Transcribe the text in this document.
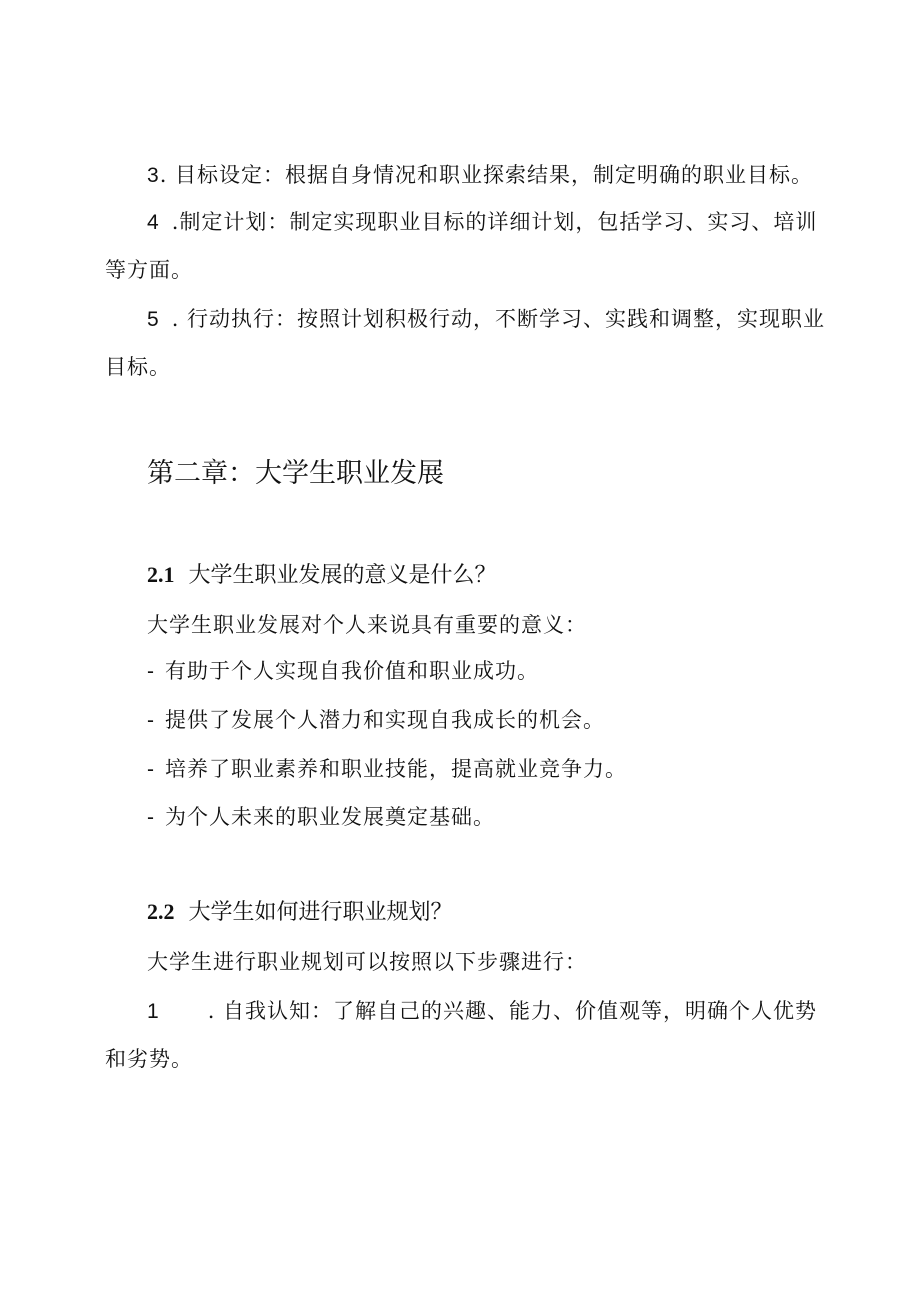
3. 目标设定：根据自身情况和职业探索结果，制定明确的职业目标。
4 .制定计划：制定实现职业目标的详细计划，包括学习、实习、培训
等方面。
5 . 行动执行：按照计划积极行动，不断学习、实践和调整，实现职业
目标。
第二章：大学生职业发展
2.1 大学生职业发展的意义是什么？
大学生职业发展对个人来说具有重要的意义：
- 有助于个人实现自我价值和职业成功。
- 提供了发展个人潜力和实现自我成长的机会。
- 培养了职业素养和职业技能，提高就业竞争力。
- 为个人未来的职业发展奠定基础。
2.2 大学生如何进行职业规划？
大学生进行职业规划可以按照以下步骤进行：
1 . 自我认知：了解自己的兴趣、能力、价值观等，明确个人优势
和劣势。
